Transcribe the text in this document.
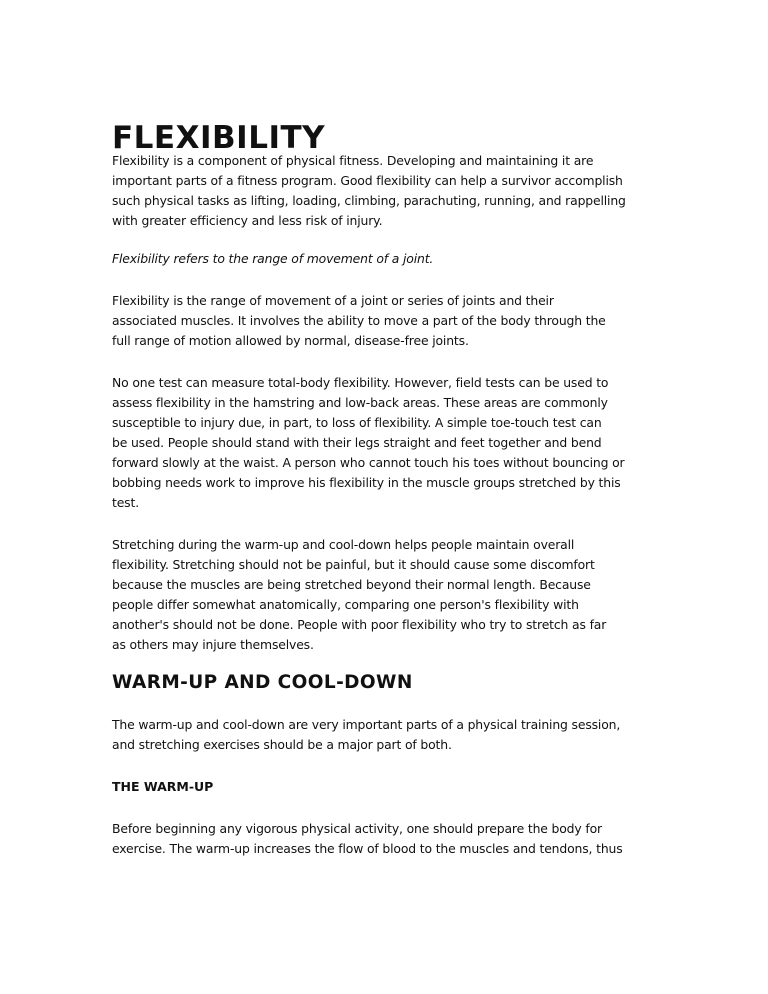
FLEXIBILITY
Flexibility is a component of physical fitness. Developing and maintaining it are
important parts of a fitness program. Good flexibility can help a survivor accomplish
such physical tasks as lifting, loading, climbing, parachuting, running, and rappelling
with greater efficiency and less risk of injury.
Flexibility refers to the range of movement of a joint.
Flexibility is the range of movement of a joint or series of joints and their
associated muscles. It involves the ability to move a part of the body through the
full range of motion allowed by normal, disease-free joints.
No one test can measure total-body flexibility. However, field tests can be used to
assess flexibility in the hamstring and low-back areas. These areas are commonly
susceptible to injury due, in part, to loss of flexibility. A simple toe-touch test can
be used. People should stand with their legs straight and feet together and bend
forward slowly at the waist. A person who cannot touch his toes without bouncing or
bobbing needs work to improve his flexibility in the muscle groups stretched by this
test.
Stretching during the warm-up and cool-down helps people maintain overall
flexibility. Stretching should not be painful, but it should cause some discomfort
because the muscles are being stretched beyond their normal length. Because
people differ somewhat anatomically, comparing one person's flexibility with
another's should not be done. People with poor flexibility who try to stretch as far
as others may injure themselves.
WARM-UP AND COOL-DOWN
The warm-up and cool-down are very important parts of a physical training session,
and stretching exercises should be a major part of both.
THE WARM-UP
Before beginning any vigorous physical activity, one should prepare the body for
exercise. The warm-up increases the flow of blood to the muscles and tendons, thus
